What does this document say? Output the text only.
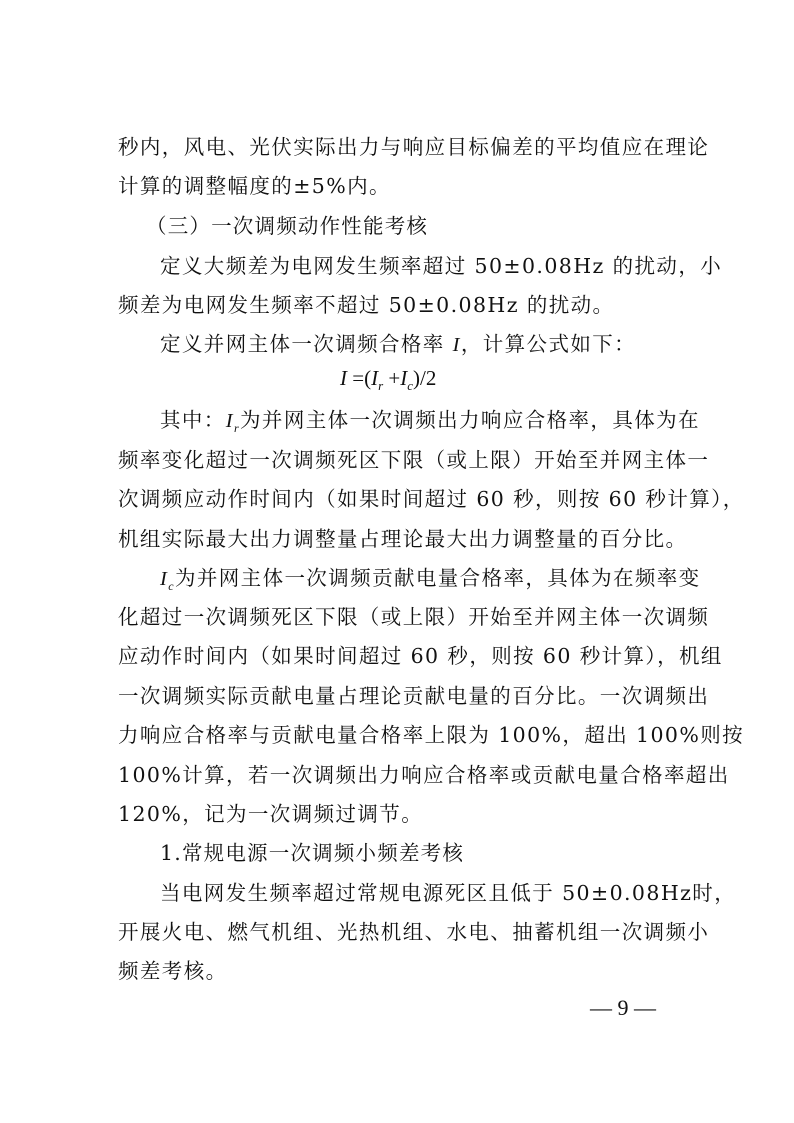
秒内，风电、光伏实际出力与响应目标偏差的平均值应在理论
计算的调整幅度的±5%内。
（三）一次调频动作性能考核
定义大频差为电网发生频率超过 50±0.08Hz 的扰动，小
频差为电网发生频率不超过 50±0.08Hz 的扰动。
定义并网主体一次调频合格率 I，计算公式如下：
$I =(I_r +I_c)/2$
其中：$I_r$为并网主体一次调频出力响应合格率，具体为在
频率变化超过一次调频死区下限（或上限）开始至并网主体一
次调频应动作时间内（如果时间超过 60 秒，则按 60 秒计算），
机组实际最大出力调整量占理论最大出力调整量的百分比。
$I_c$为并网主体一次调频贡献电量合格率，具体为在频率变
化超过一次调频死区下限（或上限）开始至并网主体一次调频
应动作时间内（如果时间超过 60 秒，则按 60 秒计算），机组
一次调频实际贡献电量占理论贡献电量的百分比。一次调频出
力响应合格率与贡献电量合格率上限为 100%，超出 100%则按
100%计算，若一次调频出力响应合格率或贡献电量合格率超出
120%，记为一次调频过调节。
1.常规电源一次调频小频差考核
当电网发生频率超过常规电源死区且低于 50±0.08Hz时，
开展火电、燃气机组、光热机组、水电、抽蓄机组一次调频小
频差考核。
— 9 —
